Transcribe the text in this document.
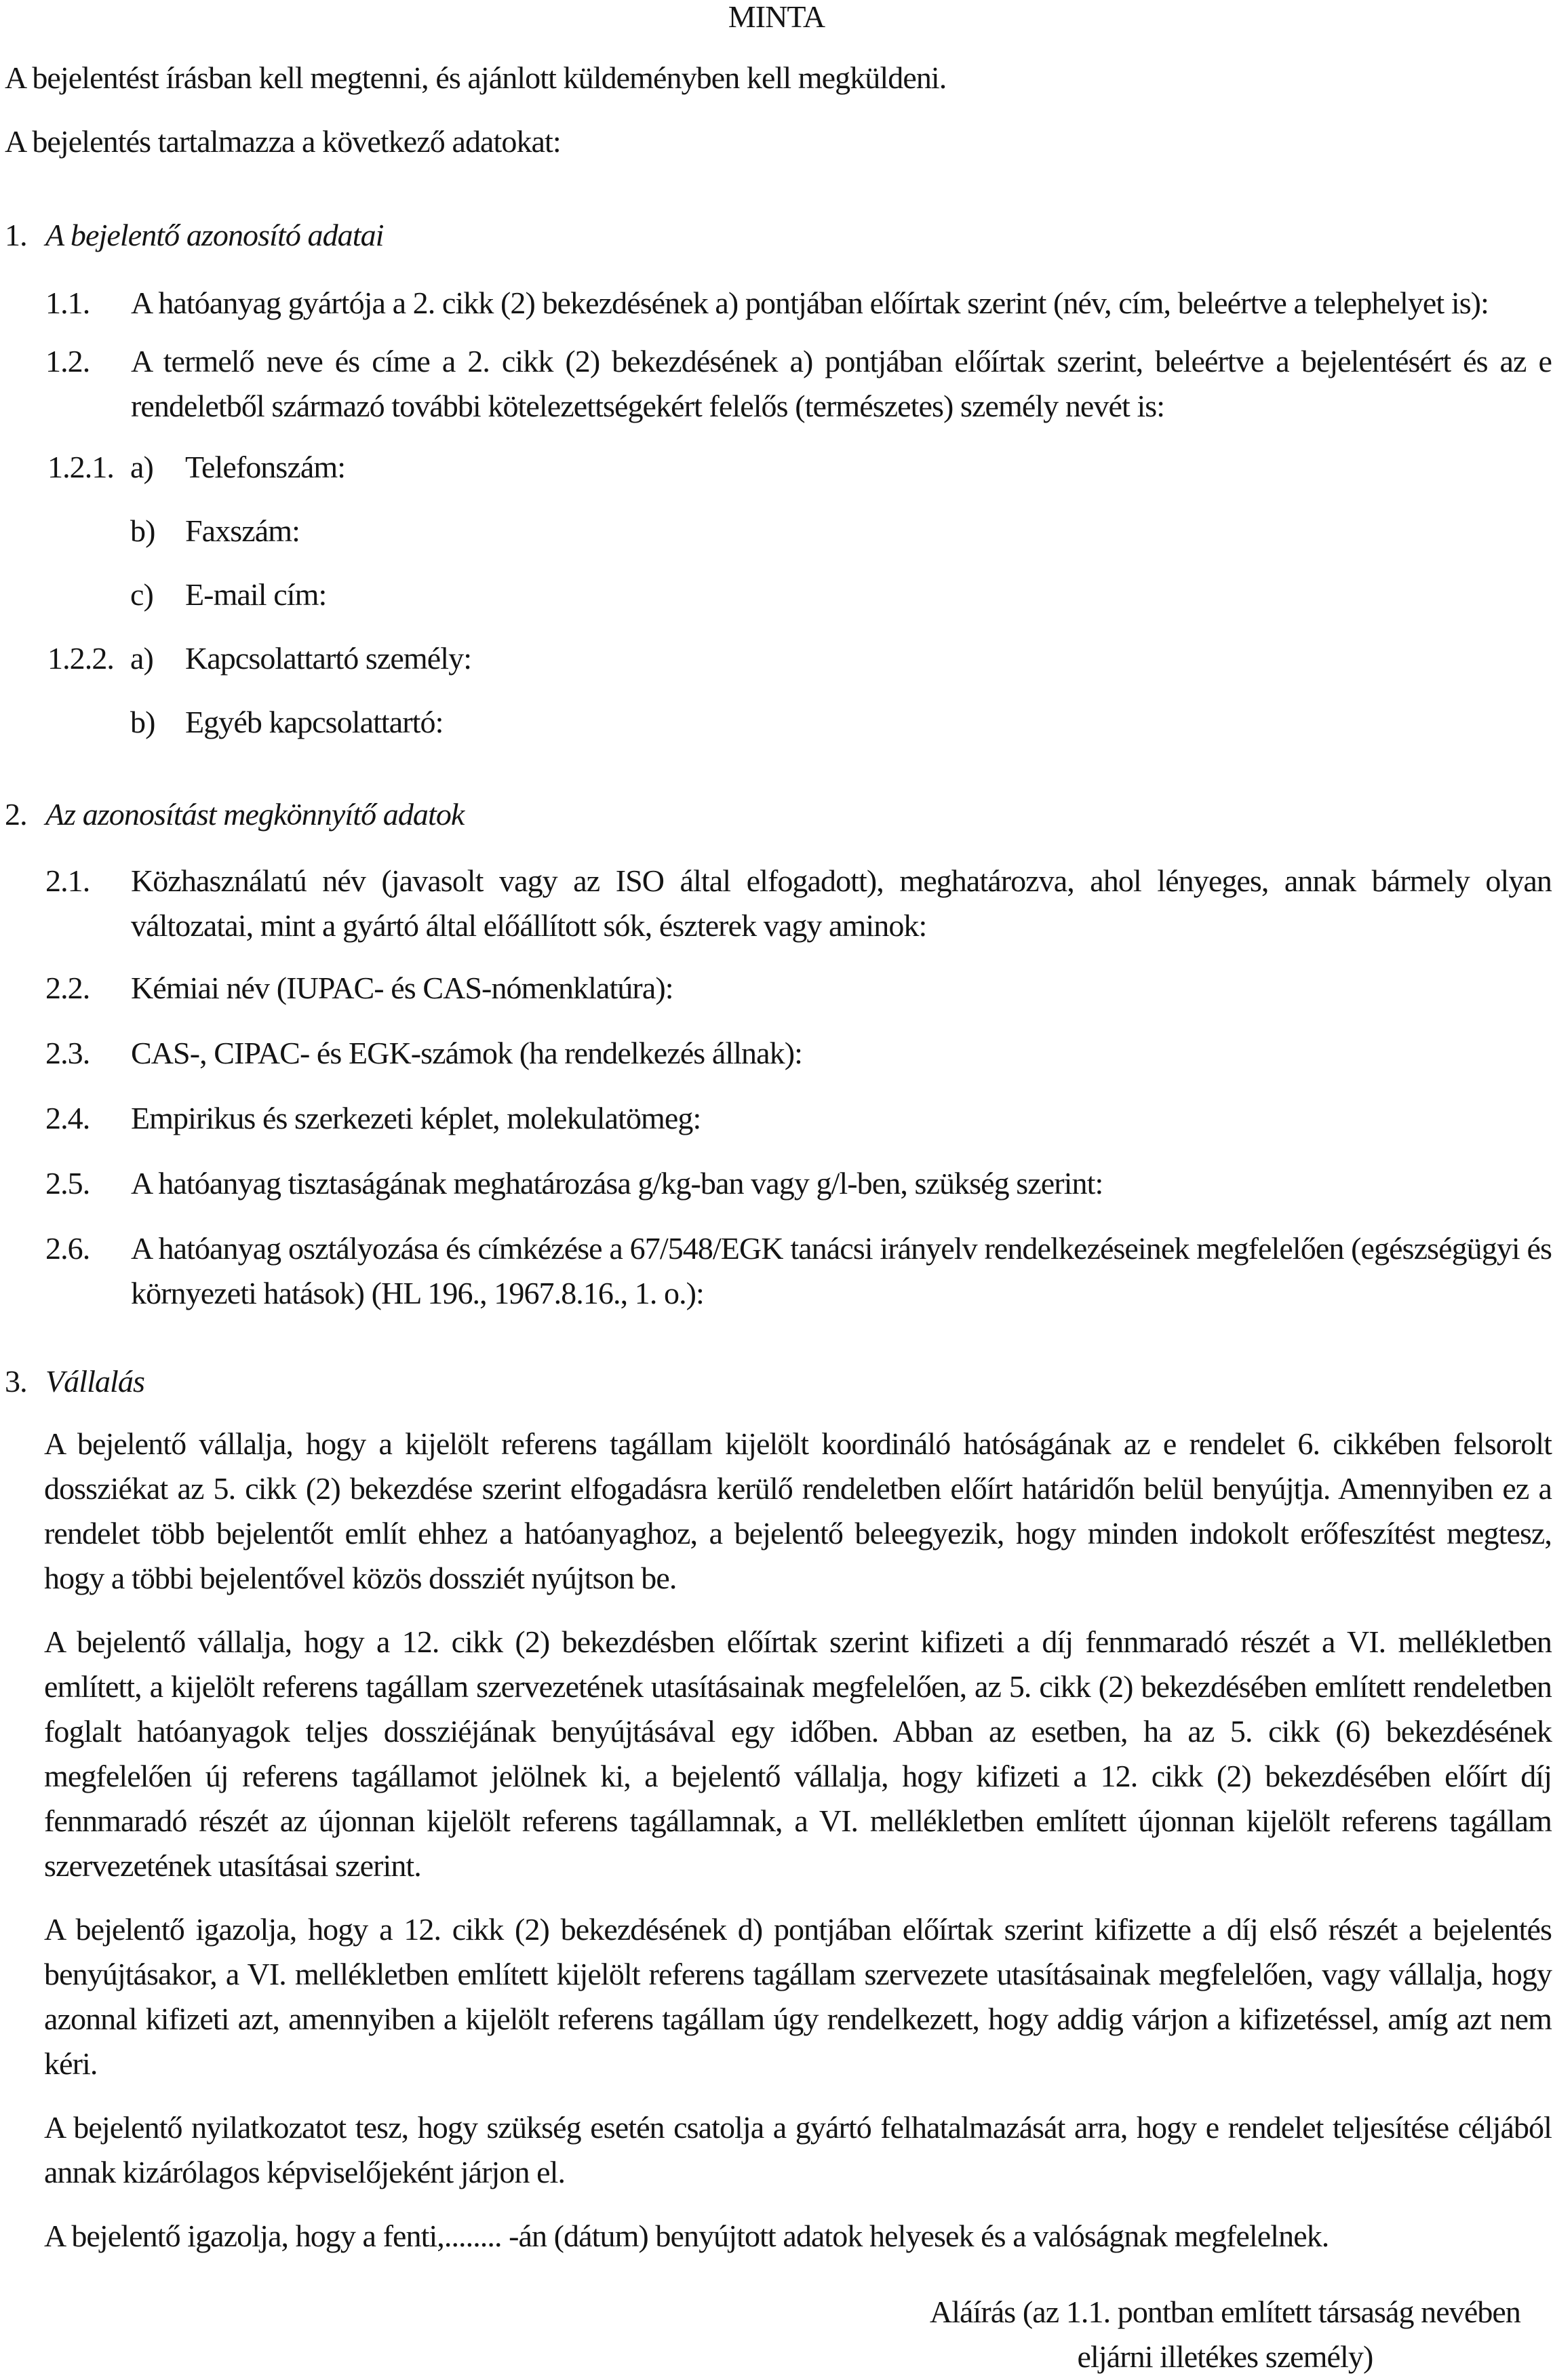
MINTA

A bejelentést írásban kell megtenni, és ajánlott küldeményben kell megküldeni.

A bejelentés tartalmazza a következő adatokat:

1. A bejelentő azonosító adatai
1.1.	A hatóanyag gyártója a 2. cikk (2) bekezdésének a) pontjában előírtak szerint (név, cím, beleértve a telephelyet is):
1.2.	A termelő neve és címe a 2. cikk (2) bekezdésének a) pontjában előírtak szerint, beleértve a bejelentésért és az e rendeletből származó további kötelezettségekért felelős (természetes) személy nevét is:
1.2.1. a)	Telefonszám:
b) Faxszám:
c)	E-mail cím:
1.2.2. a)	Kapcsolattartó személy:
b) Egyéb kapcsolattartó:
2. Az azonosítást megkönnyítő adatok
2.1.	Közhasználatú név (javasolt vagy az ISO által elfogadott), meghatározva, ahol lényeges, annak bármely olyan változatai, mint a gyártó által előállított sók, észterek vagy aminok:
2.2.	Kémiai név (IUPAC- és CAS-nómenklatúra):
2.3.	CAS-, CIPAC- és EGK-számok (ha rendelkezés állnak):
2.4.	Empirikus és szerkezeti képlet, molekulatömeg:
2.5.	A hatóanyag tisztaságának meghatározása g/kg-ban vagy g/l-ben, szükség szerint:
2.6.	A hatóanyag osztályozása és címkézése a 67/548/EGK tanácsi irányelv rendelkezéseinek megfelelően (egészségügyi és környezeti hatások) (HL 196., 1967.8.16., 1. o.):
3. Vállalás

A bejelentő vállalja, hogy a kijelölt referens tagállam kijelölt koordináló hatóságának az e rendelet 6. cikkében felsorolt dossziékat az 5. cikk (2) bekezdése szerint elfogadásra kerülő rendeletben előírt határidőn belül benyújtja. Amennyiben ez a rendelet több bejelentőt említ ehhez a hatóanyaghoz, a bejelentő beleegyezik, hogy minden indokolt erőfeszítést megtesz, hogy a többi bejelentővel közös dossziét nyújtson be.

A bejelentő vállalja, hogy a 12. cikk (2) bekezdésben előírtak szerint kifizeti a díj fennmaradó részét a VI. mellékletben említett, a kijelölt referens tagállam szervezetének utasításainak megfelelően, az 5. cikk (2) bekezdésében említett rendeletben foglalt hatóanyagok teljes dossziéjának benyújtásával egy időben. Abban az esetben, ha az 5. cikk (6) bekezdésének megfelelően új referens tagállamot jelölnek ki, a bejelentő vállalja, hogy kifizeti a 12. cikk (2) bekezdésében előírt díj fennmaradó részét az újonnan kijelölt referens tagállamnak, a VI. mellékletben említett újonnan kijelölt referens tagállam szervezetének utasításai szerint.

A bejelentő igazolja, hogy a 12. cikk (2) bekezdésének d) pontjában előírtak szerint kifizette a díj első részét a bejelentés benyújtásakor, a VI. mellékletben említett kijelölt referens tagállam szervezete utasításainak megfelelően, vagy vállalja, hogy azonnal kifizeti azt, amennyiben a kijelölt referens tagállam úgy rendelkezett, hogy addig várjon a kifizetéssel, amíg azt nem kéri.

A bejelentő nyilatkozatot tesz, hogy szükség esetén csatolja a gyártó felhatalmazását arra, hogy e rendelet teljesítése céljából annak kizárólagos képviselőjeként járjon el.

A bejelentő igazolja, hogy a fenti,........ -án (dátum) benyújtott adatok helyesek és a valóságnak megfelelnek.

Aláírás (az 1.1. pontban említett társaság nevében
eljárni illetékes személy)
